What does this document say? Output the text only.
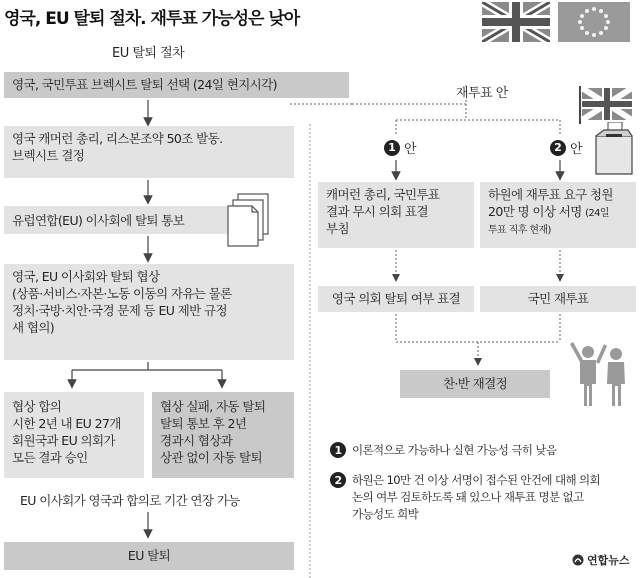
영국, EU 탈퇴 절차. 재투표 가능성은 낮아
EU 탈퇴 절차
재투표 안
영국, 국민투표 브렉시트 탈퇴 선택 (24일 현지시각)
영국 캐머런 총리, 리스본조약 50조 발동.
브렉시트 결정
유럽연합(EU) 이사회에 탈퇴 통보
영국, EU 이사회와 탈퇴 협상
(상품·서비스·자본·노동 이동의 자유는 물론
정치·국방·치안·국경 문제 등 EU 제반 규정
새 협의)
협상 합의
시한 2년 내 EU 27개
회원국과 EU 의회가
모든 결과 승인
협상 실패, 자동 탈퇴
탈퇴 통보 후 2년
경과시 협상과
상관 없이 자동 탈퇴
EU 이사회가 영국과 합의로 기간 연장 가능
EU 탈퇴
1 안	2 안
캐머런 총리, 국민투표
결과 무시 의회 표결
부침
하원에 재투표 요구 청원
20만 명 이상 서명 (24일
투표 직후 현재)
영국 의회 탈퇴 여부 표결	국민 재투표
찬·반 재결정
1 이론적으로 가능하나 실현 가능성 극히 낮음
2 하원은 10만 건 이상 서명이 접수된 안건에 대해 의회
논의 여부 검토하도록 돼 있으나 재투표 명분 없고
가능성도 희박
연합뉴스
